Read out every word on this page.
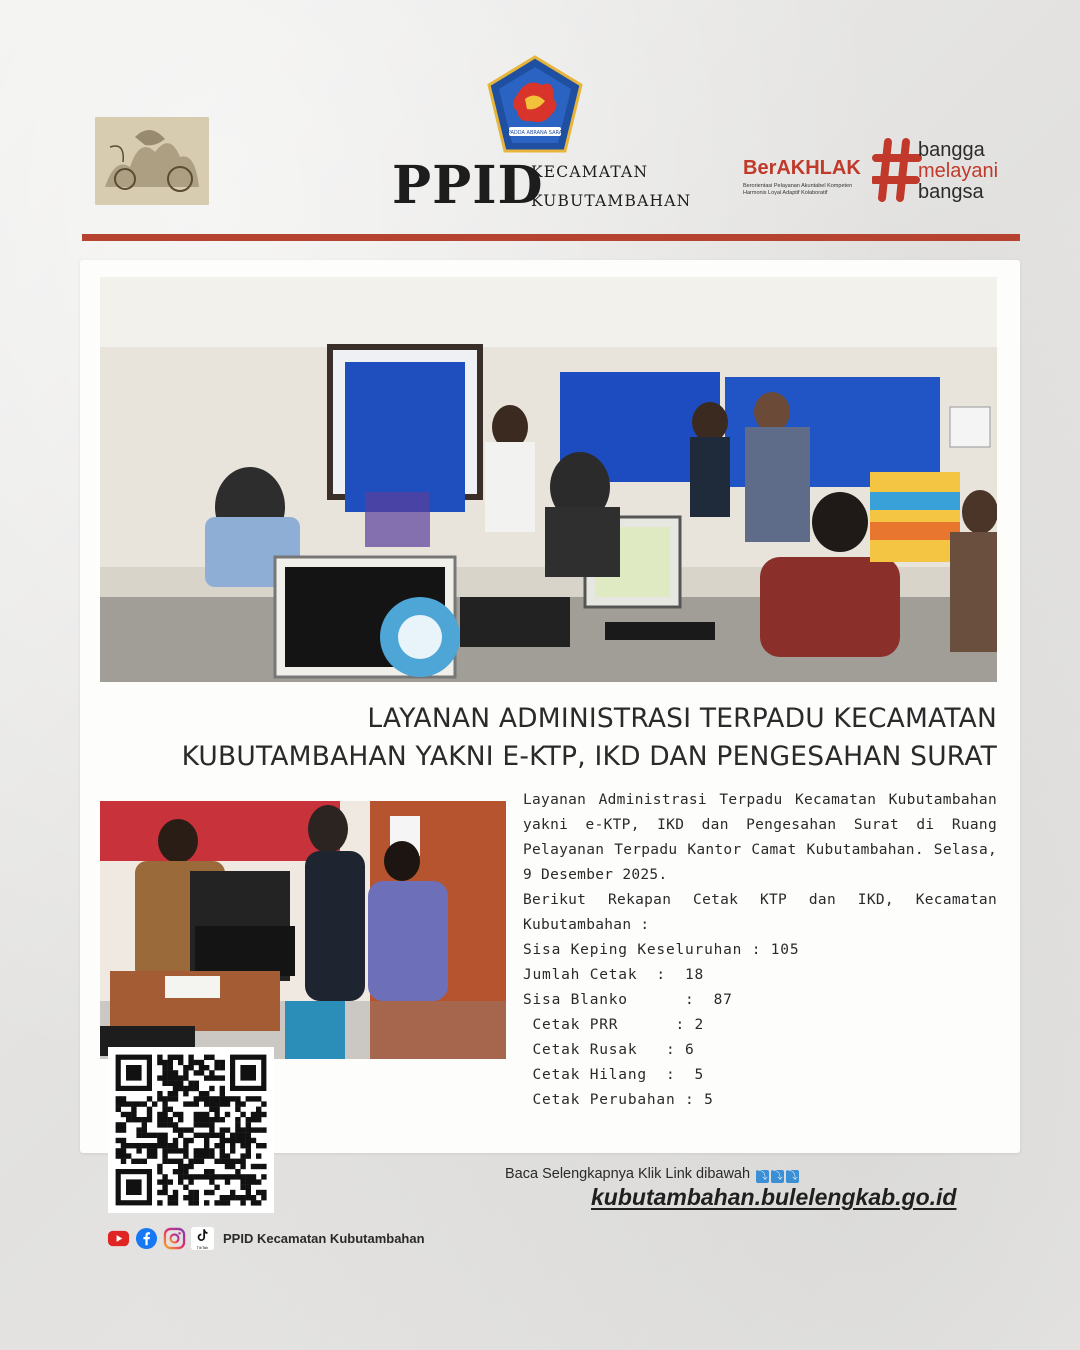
PADDA ABRANA SARA
PPID
KECAMATAN
KUBUTAMBAHAN
BerAKHLAK
Berorientasi Pelayanan Akuntabel Kompeten Harmonis Loyal Adaptif Kolaboratif
bangga
melayani
bangsa
LAYANAN ADMINISTRASI TERPADU KECAMATAN
KUBUTAMBAHAN YAKNI E-KTP, IKD DAN PENGESAHAN SURAT
Layanan Administrasi Terpadu Kecamatan Kubutambahan yakni e-KTP, IKD dan Pengesahan Surat di Ruang Pelayanan Terpadu Kantor Camat Kubutambahan. Selasa, 9 Desember 2025.
Berikut Rekapan Cetak KTP dan IKD, Kecamatan Kubutambahan :
Sisa Keping Keseluruhan : 105
Jumlah Cetak  :  18
Sisa Blanko      :  87
Cetak PRR      : 2
Cetak Rusak   : 6
Cetak Hilang  :  5
Cetak Perubahan : 5
Baca Selengkapnya Klik Link dibawah ⤵ ⤵ ⤵
kubutambahan.bulelengkab.go.id
TikTok
PPID Kecamatan Kubutambahan
